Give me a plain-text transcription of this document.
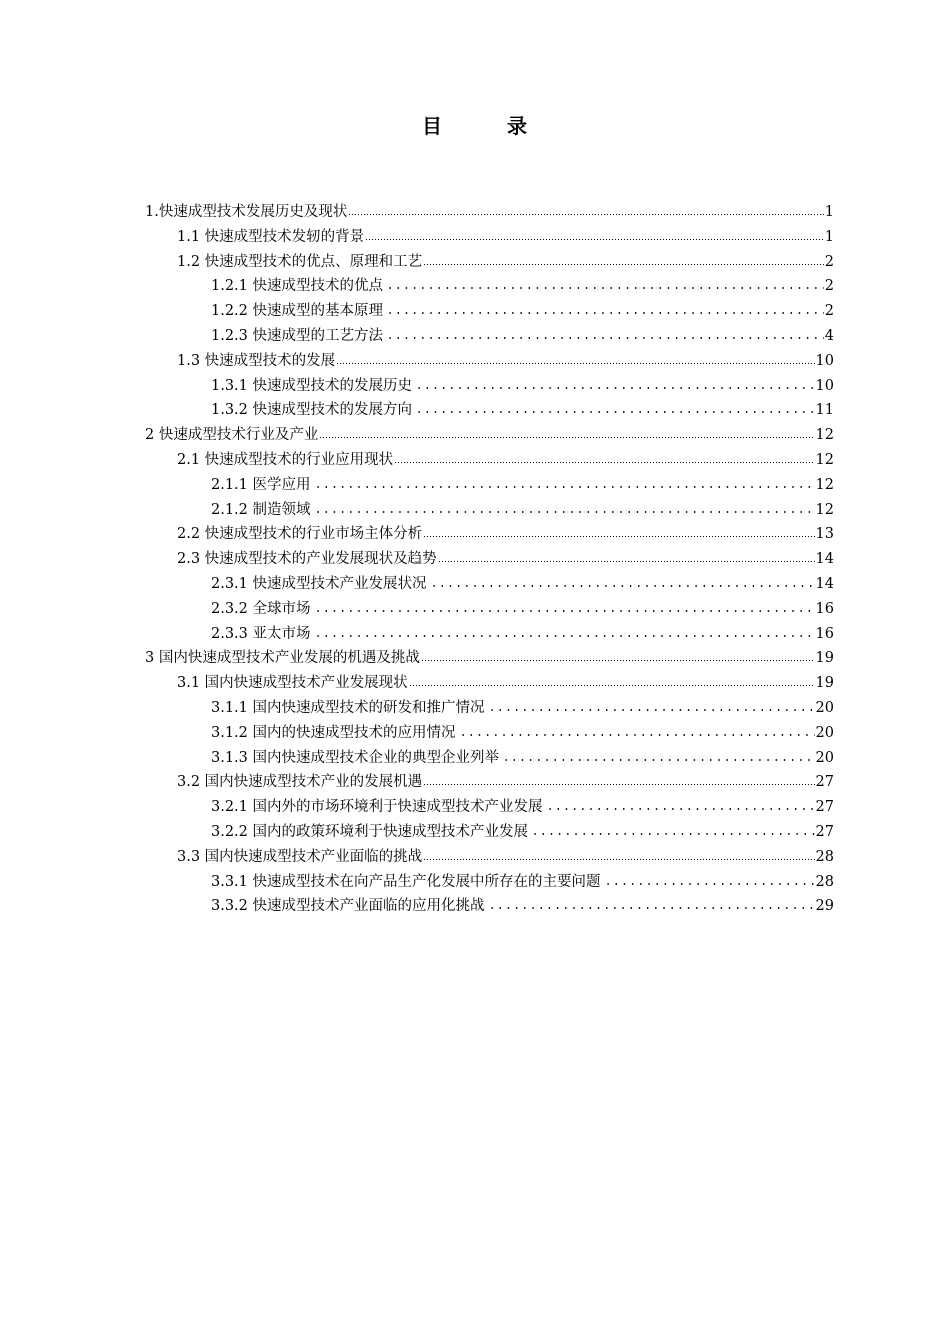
目  录
1.快速成型技术发展历史及现状	1
1.1 快速成型技术发轫的背景	1
1.2 快速成型技术的优点、原理和工艺	2
1.2.1 快速成型技术的优点	2
1.2.2 快速成型的基本原理	2
1.2.3 快速成型的工艺方法	4
1.3 快速成型技术的发展	10
1.3.1 快速成型技术的发展历史	10
1.3.2 快速成型技术的发展方向	11
2 快速成型技术行业及产业	12
2.1 快速成型技术的行业应用现状	12
2.1.1 医学应用	12
2.1.2 制造领域	12
2.2 快速成型技术的行业市场主体分析	13
2.3 快速成型技术的产业发展现状及趋势	14
2.3.1 快速成型技术产业发展状况	14
2.3.2 全球市场	16
2.3.3 亚太市场	16
3 国内快速成型技术产业发展的机遇及挑战	19
3.1 国内快速成型技术产业发展现状	19
3.1.1 国内快速成型技术的研发和推广情况	20
3.1.2 国内的快速成型技术的应用情况	20
3.1.3 国内快速成型技术企业的典型企业列举	20
3.2 国内快速成型技术产业的发展机遇	27
3.2.1 国内外的市场环境利于快速成型技术产业发展	27
3.2.2 国内的政策环境利于快速成型技术产业发展	27
3.3 国内快速成型技术产业面临的挑战	28
3.3.1 快速成型技术在向产品生产化发展中所存在的主要问题	28
3.3.2 快速成型技术产业面临的应用化挑战	29
